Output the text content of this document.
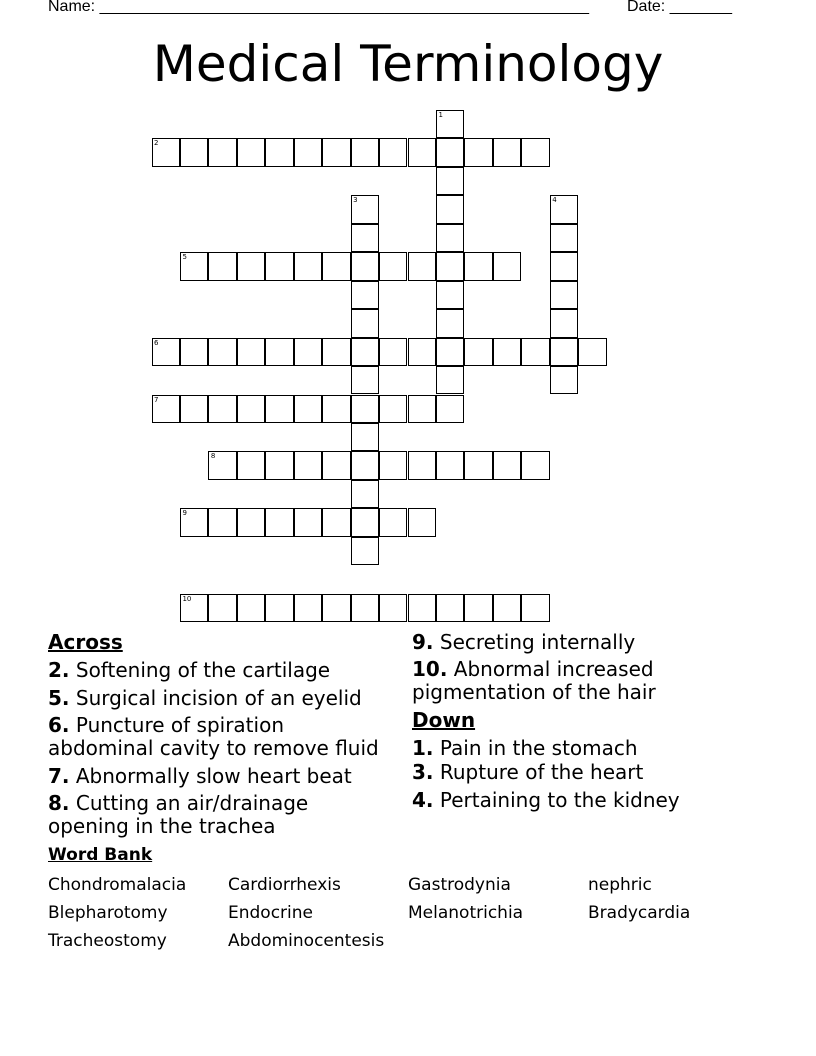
Name: _______________________________________________________ Date: _______
Medical Terminology
2
5
6
7
8
9
10
1
3	4
Across
2. Softening of the cartilage
5. Surgical incision of an eyelid
6. Puncture of spiration
abdominal cavity to remove fluid
7. Abnormally slow heart beat
8. Cutting an air/drainage
opening in the trachea
9. Secreting internally
10. Abnormal increased
pigmentation of the hair
Down
1. Pain in the stomach
3. Rupture of the heart
4. Pertaining to the kidney
Word Bank
Chondromalacia Cardiorrhexis	Gastrodynia	nephric
Blepharotomy	Endocrine	Melanotrichia	Bradycardia
Tracheostomy	Abdominocentesis
